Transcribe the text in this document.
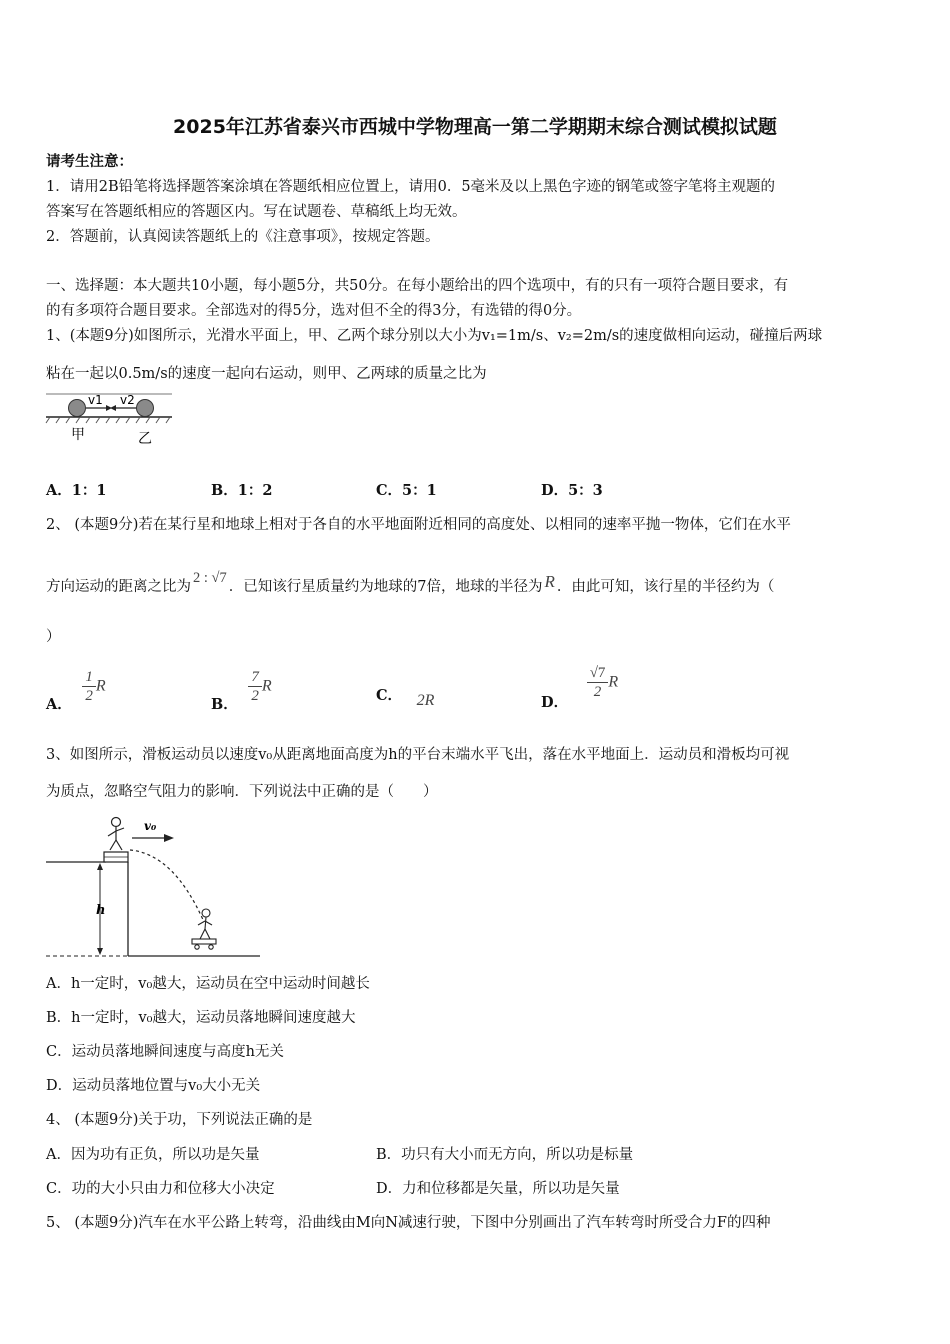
2025年江苏省泰兴市西城中学物理高一第二学期期末综合测试模拟试题
请考生注意：
1．请用2B铅笔将选择题答案涂填在答题纸相应位置上，请用0．5毫米及以上黑色字迹的钢笔或签字笔将主观题的
答案写在答题纸相应的答题区内。写在试题卷、草稿纸上均无效。
2．答题前，认真阅读答题纸上的《注意事项》，按规定答题。
一、选择题：本大题共10小题，每小题5分，共50分。在每小题给出的四个选项中，有的只有一项符合题目要求，有
的有多项符合题目要求。全部选对的得5分，选对但不全的得3分，有选错的得0分。
1、(本题9分)如图所示，光滑水平面上，甲、乙两个球分别以大小为v₁=1m/s、v₂=2m/s的速度做相向运动，碰撞后两球
粘在一起以0.5m/s的速度一起向右运动，则甲、乙两球的质量之比为
v1 v2
甲	乙
A．1：1	B．1：2	C．5：1	D．5：3
2、 (本题9分)若在某行星和地球上相对于各自的水平地面附近相同的高度处、以相同的速率平抛一物体，它们在水平
方向运动的距离之比为2 : √7．已知该行星质量约为地球的7倍，地球的半径为 R ．由此可知，该行星的半径约为（
）
A． $\frac{1}{2}$ R
B． $\frac{7}{2}$ R
C． 2R	D．
$\frac{√7}{2}$ R
3、如图所示，滑板运动员以速度v₀从距离地面高度为h的平台末端水平飞出，落在水平地面上．运动员和滑板均可视
为质点，忽略空气阻力的影响．下列说法中正确的是（　　）
h
v₀
A．h一定时，v₀越大，运动员在空中运动时间越长
B．h一定时，v₀越大，运动员落地瞬间速度越大
C．运动员落地瞬间速度与高度h无关
D．运动员落地位置与v₀大小无关
4、 (本题9分)关于功，下列说法正确的是
A．因为功有正负，所以功是矢量	B．功只有大小而无方向，所以功是标量
C．功的大小只由力和位移大小决定	D．力和位移都是矢量，所以功是矢量
5、 (本题9分)汽车在水平公路上转弯，沿曲线由M向N减速行驶，下图中分别画出了汽车转弯时所受合力F的四种
